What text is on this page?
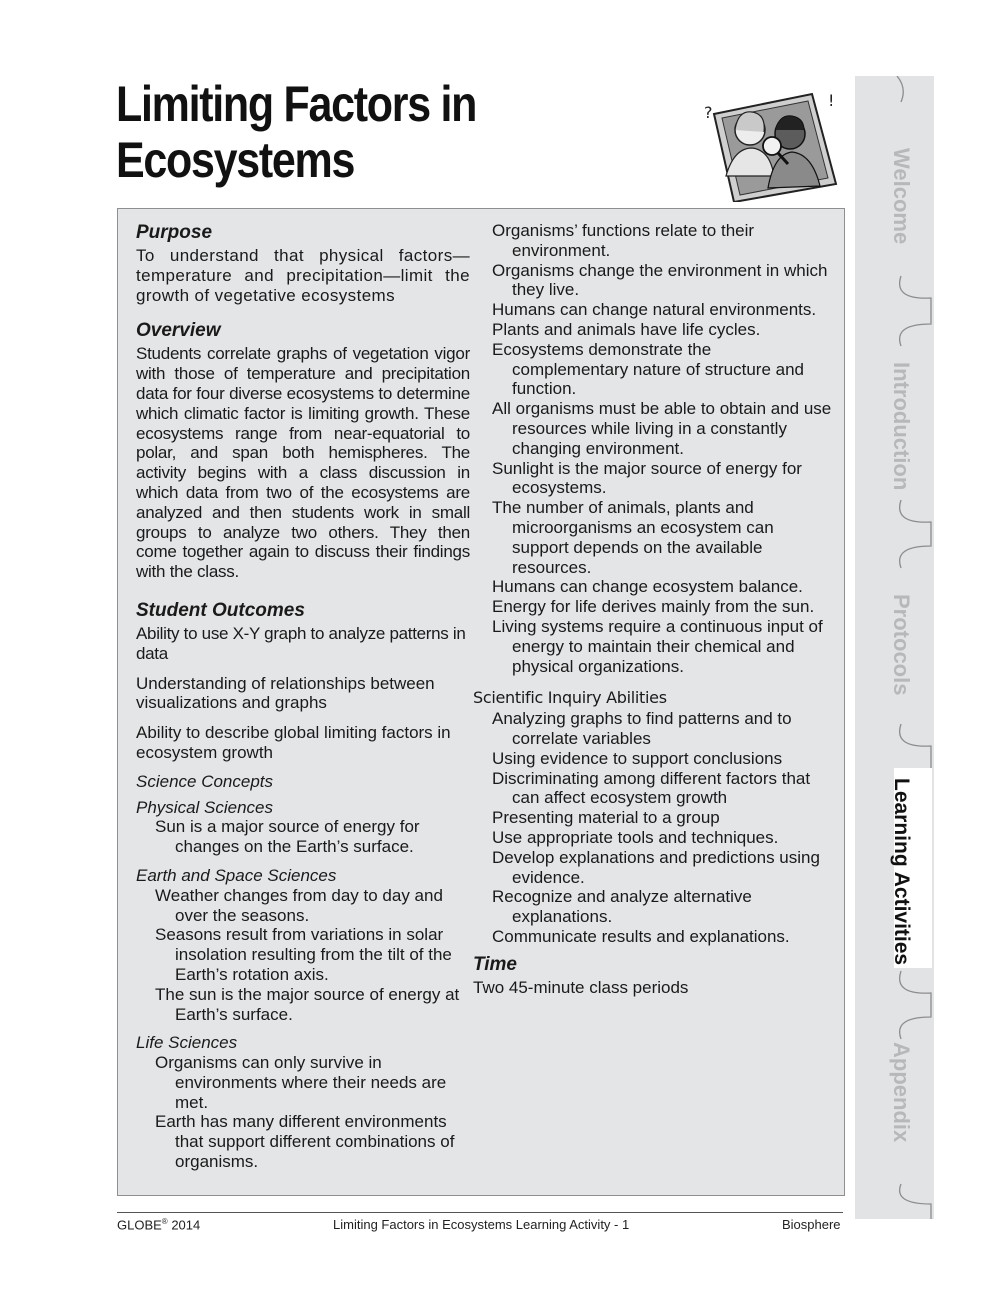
Limiting Factors in
Ecosystems
?
!
Purpose
To understand that physical factors—temperature and precipitation—limit the growth of vegetative ecosystems
Overview
Students correlate graphs of vegetation vigor with those of temperature and precipitation data for four diverse ecosystems to determine which climatic factor is limiting growth. These ecosystems range from near-equatorial to polar, and span both hemispheres. The activity begins with a class discussion in which data from two of the ecosystems are analyzed and then students work in small groups to analyze two others. They then come together again to discuss their findings with the class.
Student Outcomes
Ability to use X-Y graph to analyze patterns in data
Understanding of relationships between visualizations and graphs
Ability to describe global limiting factors in ecosystem growth
Science Concepts
Physical Sciences
Sun is a major source of energy for changes on the Earth’s surface.
Earth and Space Sciences
Weather changes from day to day and over the seasons.
Seasons result from variations in solar insolation resulting from the tilt of the Earth’s rotation axis.
The sun is the major source of energy at Earth’s surface.
Life Sciences
Organisms can only survive in environments where their needs are met.
Earth has many different environments that support different combinations of organisms.
Organisms’ functions relate to their environment.
Organisms change the environment in which they live.
Humans can change natural environments.
Plants and animals have life cycles.
Ecosystems demonstrate the complementary nature of structure and function.
All organisms must be able to obtain and use resources while living in a constantly changing environment.
Sunlight is the major source of energy for ecosystems.
The number of animals, plants and microorganisms an ecosystem can support depends on the available resources.
Humans can change ecosystem balance.
Energy for life derives mainly from the sun.
Living systems require a continuous input of energy to maintain their chemical and physical organizations.
Scientific Inquiry Abilities
Analyzing graphs to find patterns and to correlate variables
Using evidence to support conclusions
Discriminating among different factors that can affect ecosystem growth
Presenting material to a group
Use appropriate tools and techniques.
Develop explanations and predictions using evidence.
Recognize and analyze alternative explanations.
Communicate results and explanations.
Time
Two 45-minute class periods
GLOBE® 2014	Limiting Factors in Ecosystems Learning Activity - 1	Biosphere
Welcome
Introduction
Protocols
Learning Activities
Appendix
